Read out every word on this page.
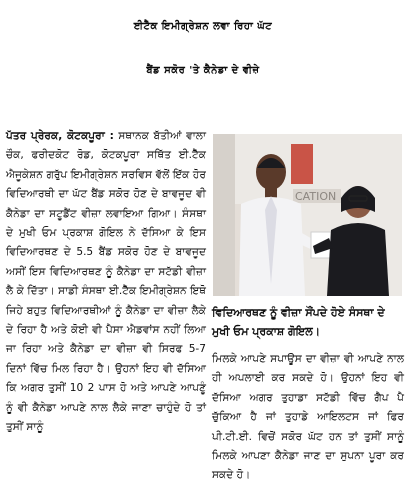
ਈਟੈੱਕ ਇਮੀਗ੍ਰੇਸ਼ਨ ਲਵਾ ਰਿਹਾ ਘੱਟ
ਬੈਂਡ ਸਕੋਰ 'ਤੇ ਕੈਨੇਡਾ ਦੇ ਵੀਜ਼ੇ

ਪੱਤਰ ਪ੍ਰੇਰਕ, ਕੋਟਕਪੂਰਾ : ਸਥਾਨਕ ਬੱਤੀਆਂ ਵਾਲਾ ਚੌਕ, ਫਰੀਦਕੋਟ ਰੋਡ, ਕੋਟਕਪੂਰਾ ਸਥਿੱਤ ਈ.ਟੈੱਕ ਐਜੂਕੇਸ਼ਨ ਗਰੁੱਪ ਇਮੀਗ੍ਰੇਸ਼ਨ ਸਰਵਿਸ ਵੱਲੋਂ ਇੱਕ ਹੋਰ ਵਿਦਿਆਰਥੀ ਦਾ ਘੱਟ ਬੈਂਡ ਸਕੋਰ ਹੋਣ ਦੇ ਬਾਵਜੂਦ ਵੀ ਕੈਨੇਡਾ ਦਾ ਸਟੂਡੈਂਟ ਵੀਜ਼ਾ ਲਵਾਇਆ ਗਿਆ। ਸੰਸਥਾ ਦੇ ਮੁਖੀ ਓਮ ਪ੍ਰਕਾਸ਼ ਗੋਇਲ ਨੇ ਦੱਸਿਆ ਕੇ ਇਸ ਵਿਦਿਆਰਥਣ ਦੇ 5.5 ਬੈਂਡ ਸਕੋਰ ਹੋਣ ਦੇ ਬਾਵਜੂਦ ਅਸੀਂ ਇਸ ਵਿਦਿਆਰਥਣ ਨੂੰ ਕੈਨੇਡਾ ਦਾ ਸਟੱਡੀ ਵੀਜ਼ਾ ਲੈ ਕੇ ਦਿੱਤਾ। ਸਾਡੀ ਸੰਸਥਾ ਈ.ਟੈੱਕ ਇਮੀਗ੍ਰੇਸ਼ਨ ਇਥੋ ਜਿਹੇ ਬਹੁਤ ਵਿਦਿਆਰਥੀਆਂ ਨੂੰ ਕੈਨੇਡਾ ਦਾ ਵੀਜ਼ਾ ਲੈਕੇ ਦੇ ਰਿਹਾ ਹੈ ਅਤੇ ਕੋਈ ਵੀ ਪੈਸਾ ਐਡਵਾਂਸ ਨਹੀਂ ਲਿਆ ਜਾ ਰਿਹਾ ਅਤੇ ਕੈਨੇਡਾ ਦਾ ਵੀਜ਼ਾ ਵੀ ਸਿਰਫ 5-7 ਦਿਨਾਂ ਵਿੱਚ ਮਿਲ ਰਿਹਾ ਹੈ। ਉਹਨਾਂ ਇਹ ਵੀ ਦੱਸਿਆ ਕਿ ਅਗਰ ਤੁਸੀਂ 10 2 ਪਾਸ ਹੋ ਅਤੇ ਆਪਣੇ ਆਪਣੂੰ ਨੂੰ ਵੀ ਕੈਨੇਡਾ ਆਪਣੇ ਨਾਲ ਲੈਕੇ ਜਾਣਾ ਚਾਹੁੰਦੇ ਹੋ ਤਾਂ ਤੁਸੀਂ ਸਾਨੂੰ

CATION
ਵਿਦਿਆਰਥਣ ਨੂੰ ਵੀਜ਼ਾ ਸੌਂਪਦੇ ਹੋਏ ਸੰਸਥਾ ਦੇ ਮੁਖੀ ਓਮ ਪ੍ਰਕਾਸ਼ ਗੋਇਲ।

ਮਿਲਕੇ ਆਪਣੇ ਸਪਾਊਸ ਦਾ ਵੀਜ਼ਾ ਵੀ ਆਪਣੇ ਨਾਲ ਹੀ ਅਪਲਾਈ ਕਰ ਸਕਦੇ ਹੋ। ਉਹਨਾਂ ਇਹ ਵੀ ਦੱਸਿਆ ਅਗਰ ਤੁਹਾਡਾ ਸਟੱਡੀ ਵਿੱਚ ਗੈਪ ਪੈ ਚੁੱਕਿਆ ਹੈ ਜਾਂ ਤੁਹਾਡੇ ਆਇਲਟਸ ਜਾਂ ਫਿਰ ਪੀ.ਟੀ.ਈ. ਵਿਚੋਂ ਸਕੋਰ ਘੱਟ ਹਨ ਤਾਂ ਤੁਸੀਂ ਸਾਨੂੰ ਮਿਲਕੇ ਆਪਣਾ ਕੈਨੇਡਾ ਜਾਣ ਦਾ ਸੁਪਨਾ ਪੂਰਾ ਕਰ ਸਕਦੇ ਹੋ।
